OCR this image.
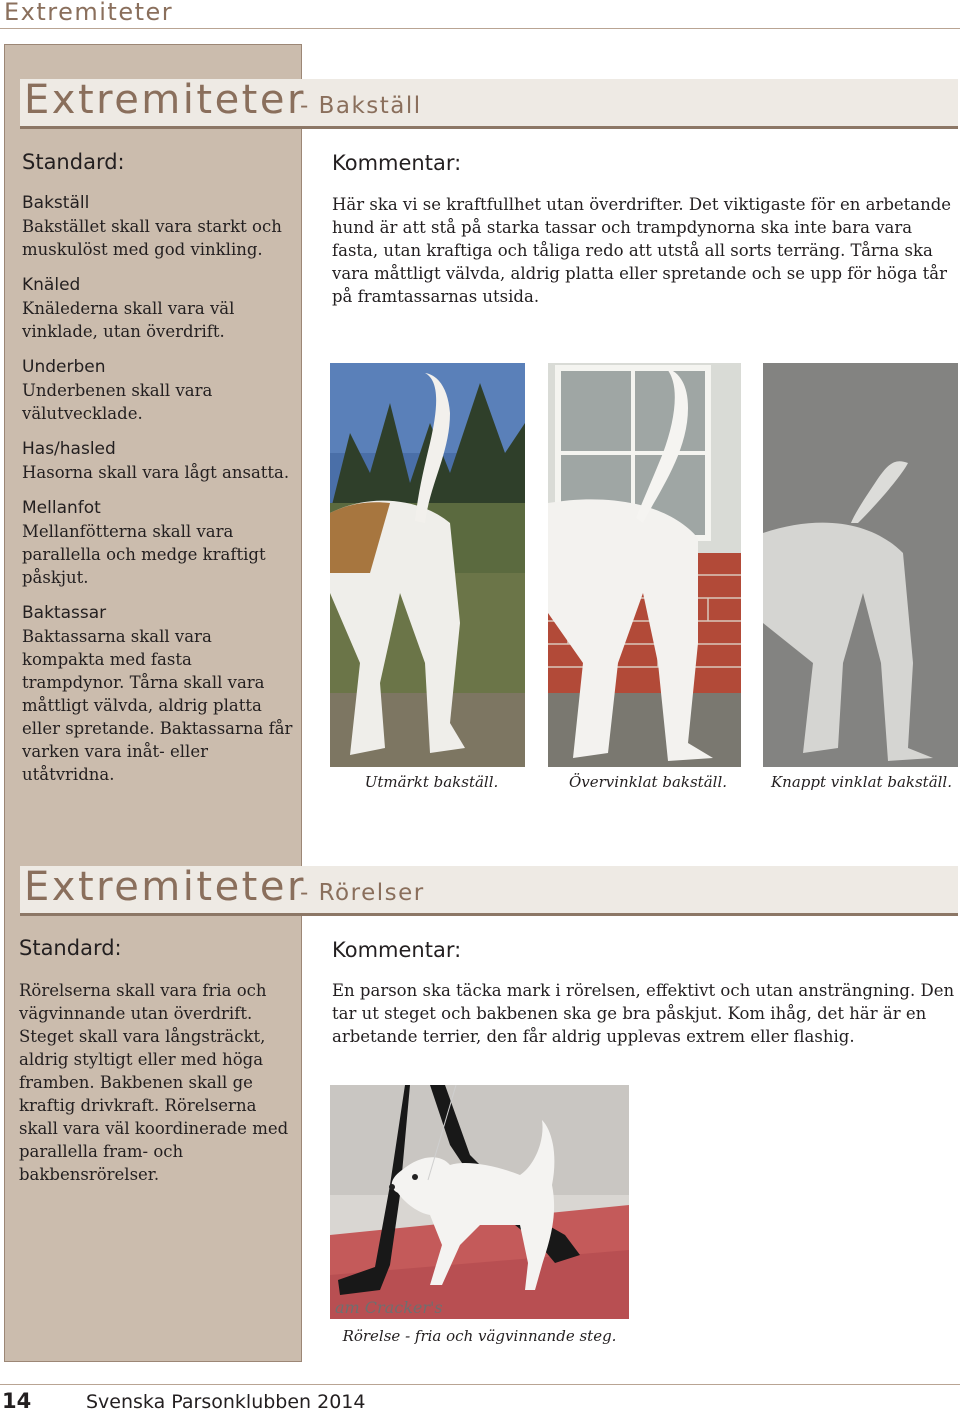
Extremiteter
Extremiteter
- Bakställ
Standard:
Bakställ
Bakstället skall vara starkt och muskulöst med god vinkling.
Knäled
Knälederna skall vara väl vinklade, utan överdrift.
Underben
Underbenen skall vara välutvecklade.
Has/hasled
Hasorna skall vara lågt ansatta.
Mellanfot
Mellanfötterna skall vara parallella och medge kraftigt påskjut.
Baktassar
Baktassarna skall vara kompakta med fasta trampdynor. Tårna skall vara måttligt välvda, aldrig platta eller spretande. Baktassarna får varken vara inåt- eller utåtvridna.
Kommentar:
Här ska vi se kraftfullhet utan överdrifter. Det viktigaste för en arbetande hund är att stå på starka tassar och trampdynorna ska inte bara vara fasta, utan kraftiga och tåliga redo att utstå all sorts terräng. Tårna ska vara måttligt välvda, aldrig platta eller spretande och se upp för höga tår på framtassarnas utsida.
Utmärkt bakställ.	Övervinklat bakställ.	Knappt vinklat bakställ.
Extremiteter
- Rörelser
Standard:
Rörelserna skall vara fria och vägvinnande utan överdrift. Steget skall vara långsträckt, aldrig styltigt eller med höga framben. Bakbenen skall ge kraftig drivkraft. Rörelserna skall vara väl koordinerade med parallella fram- och bakbensrörelser.
Kommentar:
En parson ska täcka mark i rörelsen, effektivt och utan ansträngning. Den tar ut steget och bakbenen ska ge bra påskjut. Kom ihåg, det här är en arbetande terrier, den får aldrig upplevas extrem eller flashig.
am Cracker's
Rörelse - fria och vägvinnande steg.
14	Svenska Parsonklubben 2014
